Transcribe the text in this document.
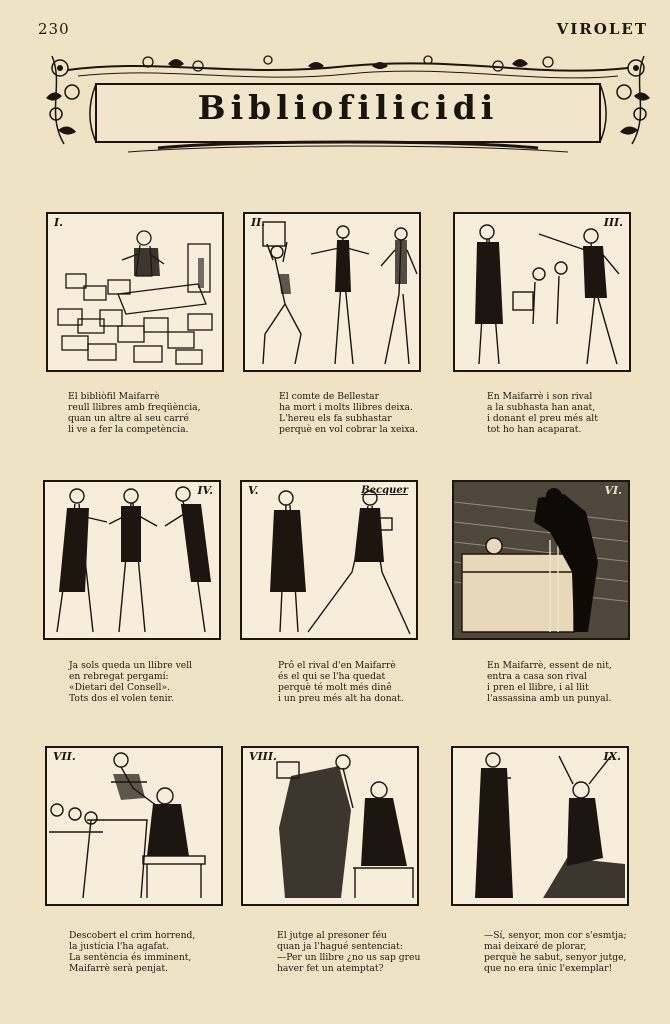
230	VIROLET
Bibliofilicidi
I.	II.	III.
IV.	V.	Becquer	VI.
VII.	VIII.	IX.
El bibliòfil Maifarrè
reull llibres amb freqüència,
quan un altre al seu carré
li ve a fer la competència.
El comte de Bellestar
ha mort i molts llibres deixa.
L'hereu els fa subhastar
perquè en vol cobrar la xeixa.
En Maifarrè i son rival
a la subhasta han anat,
i donant el preu més alt
tot ho han acaparat.
Ja sols queda un llibre vell
en rebregat pergamí:
«Dietari del Consell».
Tots dos el volen tenir.
Prô el rival d'en Maifarrè
és el qui se l'ha quedat
perquè té molt més dinê
i un preu més alt ha donat.
En Maifarrè, essent de nit,
entra a casa son rival
i pren el llibre, i al llit
l'assassina amb un punyal.
Descobert el crim horrend,
la justícia l'ha agafat.
La sentència és imminent,
Maifarrè serà penjat.
El jutge al presoner féu
quan ja l'hagué sentenciat:
—Per un llibre ¿no us sap greu
haver fet un atemptat?
—Sí, senyor, mon cor s'esmtja;
mai deixaré de plorar,
perquè he sabut, senyor jutge,
que no era únic l'exemplar!
